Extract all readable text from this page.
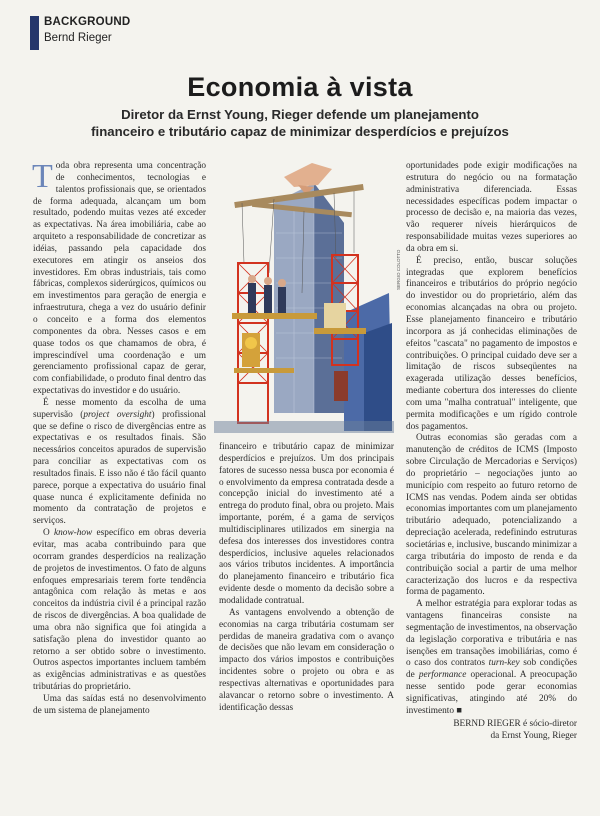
BACKGROUND
Bernd Rieger
Economia à vista
Diretor da Ernst Young, Rieger defende um planejamento financeiro e tributário capaz de minimizar desperdícios e prejuízos

Toda obra representa uma concentração de conhecimentos, tecnologias e talentos profissionais que, se orientados de forma adequada, alcançam um bom resultado, podendo muitas vezes até exceder as expectativas. Na área imobiliária, cabe ao arquiteto a responsabilidade de concretizar as idéias, passando pela capacidade dos executores em atingir os anseios dos investidores. Em obras industriais, tais como fábricas, complexos siderúrgicos, químicos ou em investimentos para geração de energia e infraestrutura, chega a vez do usuário definir o conceito e a forma dos elementos componentes da obra. Nesses casos e em quase todos os que chamamos de obra, é imprescindível uma coordenação e um gerenciamento profissional capaz de gerar, com confiabilidade, o produto final dentro das expectativas do investidor e do usuário.

É nesse momento da escolha de uma supervisão (project oversight) profissional que se define o risco de divergências entre as expectativas e os resultados finais. São necessários conceitos apurados de supervisão para conciliar as expectativas com os resultados finais. E isso não é tão fácil quanto parece, porque a expectativa do usuário final quase nunca é explicitamente definida no momento da contratação de projetos e serviços.

O know-how específico em obras deveria evitar, mas acaba contribuindo para que ocorram grandes desperdícios na realização de projetos de investimentos. O fato de alguns enfoques empresariais terem forte tendência antagônica com relação às metas e aos conceitos da indústria civil é a principal razão de riscos de divergências. A boa qualidade de uma obra não significa que foi atingida a satisfação plena do investidor quanto ao retorno a ser obtido sobre o investimento. Outros aspectos importantes incluem também as exigências administrativas e as questões tributárias do proprietário.

Uma das saídas está no desenvolvimento de um sistema de planejamento

SERGIO COLOTTO

financeiro e tributário capaz de minimizar desperdícios e prejuízos. Um dos principais fatores de sucesso nessa busca por economia é o envolvimento da empresa contratada desde a concepção inicial do investimento até a entrega do produto final, obra ou projeto. Mais importante, porém, é a gama de serviços multidisciplinares utilizados em sinergia na defesa dos interesses dos investidores contra desperdícios, inclusive aqueles relacionados aos vários tributos incidentes. A importância do planejamento financeiro e tributário fica evidente desde o momento da decisão sobre a modalidade contratual.

As vantagens envolvendo a obtenção de economias na carga tributária costumam ser perdidas de maneira gradativa com o avanço de decisões que não levam em consideração o impacto dos vários impostos e contribuições incidentes sobre o projeto ou obra e as respectivas alternativas e oportunidades para alavancar o retorno sobre o investimento. A identificação dessas

oportunidades pode exigir modificações na estrutura do negócio ou na formatação administrativa diferenciada. Essas necessidades específicas podem impactar o processo de decisão e, na maioria das vezes, vão requerer níveis hierárquicos de responsabilidade muitas vezes superiores ao da obra em si.

É preciso, então, buscar soluções integradas que explorem benefícios financeiros e tributários do próprio negócio do investidor ou do proprietário, além das economias alcançadas na obra ou projeto. Esse planejamento financeiro e tributário incorpora as já conhecidas eliminações de efeitos "cascata" no pagamento de impostos e contribuições. O principal cuidado deve ser a limitação de riscos subseqüentes na exagerada utilização desses benefícios, mediante cobertura dos interesses do cliente com uma "malha contratual" inteligente, que permita modificações e um rígido controle dos pagamentos.

Outras economias são geradas com a manutenção de créditos de ICMS (Imposto sobre Circulação de Mercadorias e Serviços) do proprietário – negociações junto ao município com respeito ao futuro retorno de ICMS nas vendas. Podem ainda ser obtidas economias importantes com um planejamento tributário adequado, potencializando a depreciação acelerada, redefinindo estruturas societárias e, inclusive, buscando minimizar a carga tributária do imposto de renda e da contribuição social a partir de uma melhor caracterização dos lucros e da respectiva forma de pagamento.

A melhor estratégia para explorar todas as vantagens financeiras consiste na segmentação de investimentos, na observação da legislação corporativa e tributária e nas isenções em transações imobiliárias, como é o caso dos contratos turn-key sob condições de performance operacional. A preocupação nesse sentido pode gerar economias significativas, atingindo até 20% do investimento ■

BERND RIEGER é sócio-diretor
da Ernst Young, Rieger
